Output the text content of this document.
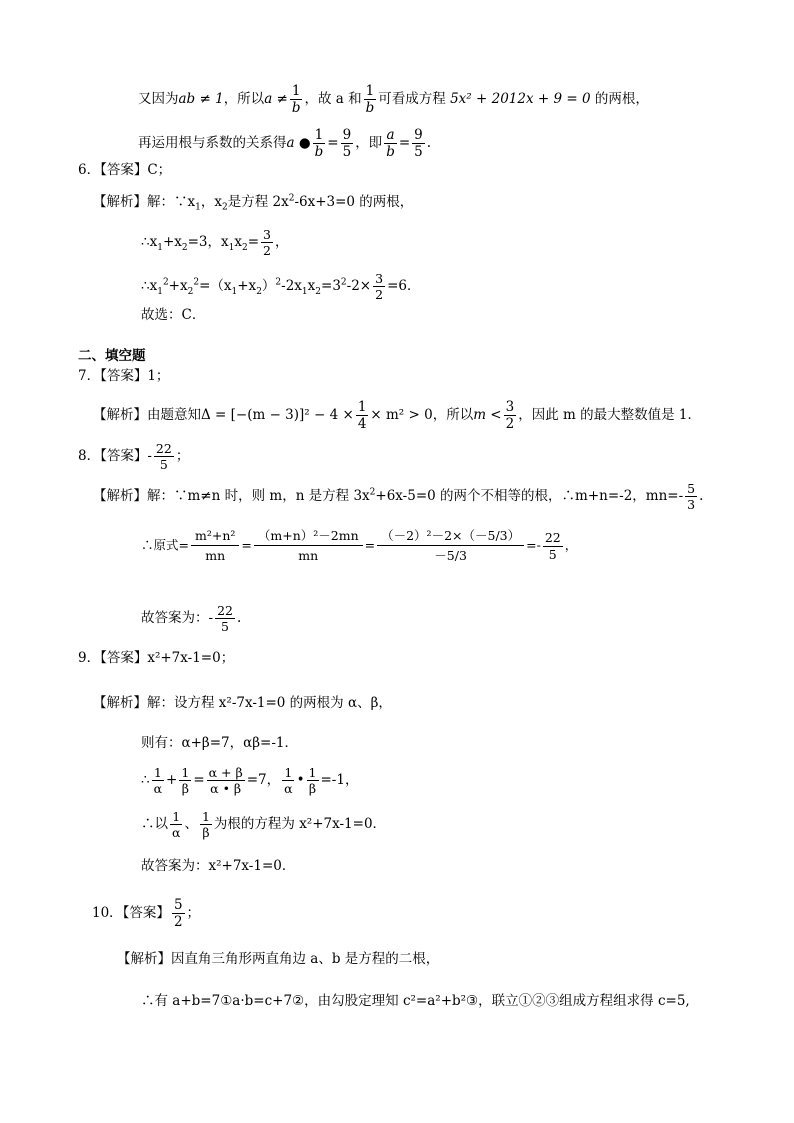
又因为ab ≠ 1，所以$a \ne \frac{1}{b}$ ，故 a 和 $\frac{1}{b}$ 可看成方程 5x² + 2012x + 9 = 0 的两根，
再运用根与系数的关系得a ● $\frac{1}{b} = \frac{9}{5}$ ，即 $\frac{a}{b} = \frac{9}{5}$ .
6．【答案】C；
【解析】解：$\because x_1$，$x_2$是方程 $2x^2-6x+3=0$ 的两根，
$\therefore x_1+x_2=3$，$x_1x_2= \frac{3}{2}$ ，
$\therefore x_1^2+x_2^2=(x_1+x_2)^2-2x_1x_2=3^2-2\times \frac{3}{2} =6$．
故选：C．
二、填空题
7．【答案】1；
【解析】由题意知$\Delta = [-(m - 3)]^2 - 4 \times \frac{1}{4} \times m^2 > 0$，所以$m < \frac{3}{2}$ ，因此 m 的最大整数值是 1．
8．【答案】- $\frac{22}{5}$ ；
【解析】解：∵m≠n 时，则 m，n 是方程 $3x^2+6x-5=0$ 的两个不相等的根，∴m+n=-2，$mn=- \frac{5}{3}$ .
∴原式= $\frac{\text{m²+n²}}{mn} = \frac{\text{（m+n）²－2mn}}{mn} = \frac{\text{（－2）²－2×（－5/3）}}{-5/3} =- \frac{22}{5}$ ，
故答案为：- $\frac{22}{5}$ .
9．【答案】x²+7x-1=0；
【解析】解：设方程 x²-7x-1=0 的两根为 α、β，
则有：α+β=7，αβ=-1．
∴ $\frac{1}{\alpha} + \frac{1}{\beta} = \frac{\alpha + \beta}{\alpha • \beta} =7$， $\frac{1}{\alpha}$ • $\frac{1}{\beta} =-1$，
∴以 $\frac{1}{\alpha}$ 、 $\frac{1}{\beta}$ 为根的方程为 x²+7x-1=0．
故答案为：x²+7x-1=0．
10．【答案】 $\frac{5}{2}$ ；
【解析】因直角三角形两直角边 a、b 是方程的二根，
∴有 a+b=7①a·b=c+7②，由勾股定理知 c²=a²+b²③，联立①②③组成方程组求得 c=5,
